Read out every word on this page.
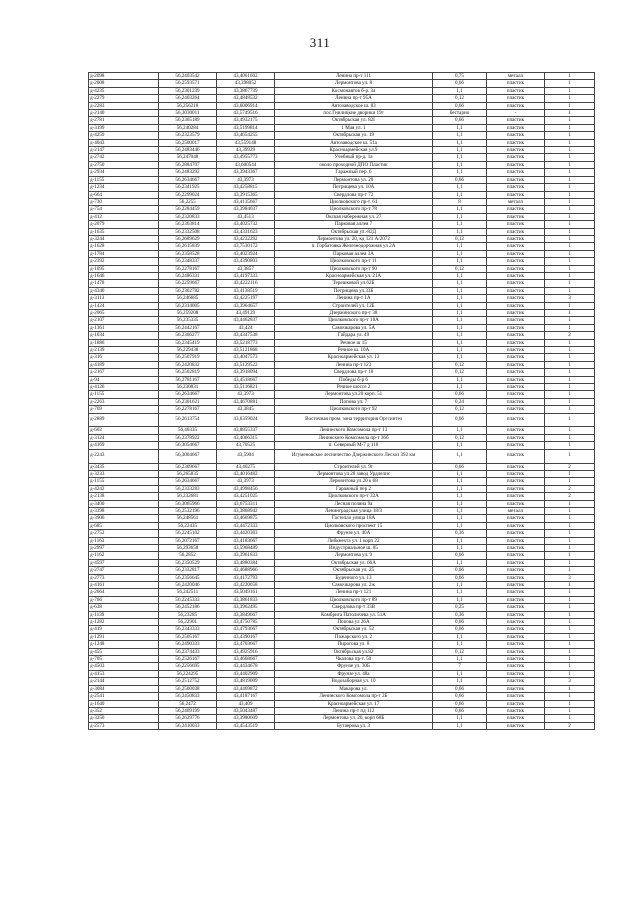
311
д-2098	56,2403542	43,4061602	Ленина пр-т 111	0,75	металл	1
д-2008	56,2593571	43,398052	Лермонтова ул. 8	0,66	пластик	1
д-4235	56,2301239	43,3867739	Космонавтов б-р. 3а	1,1	пластик	1
д-2279	56,2403264	43,4848532	Ленина пр-т 95А	0,12	пластик	1
д-2283	56,256218	43,6006914	Автозаводское ш. 83	0,66	пластик	1
д-2140	56,3030011	43,5749516	пос.Гнилицкие дворики 19г	бестарно	-	1
д-2781	56,2365189	43,4932175	Октябрьская ул. 82І	0,66	пластик	1
д-3199	56,240284	43,5199814	1 Мая ул. 1	1,1	пластик	1
д-4259	56,2323579	43,4654255	Октябрьская ул. 19	1,1	пластик	1
д-4043	56,2500017	43,559148	Автозаводское ш. 51а	1,1	пластик	1
д-2147	56,2483446	43,39929	Красноармейская ул.9	1,1	пластик	1
д-2742	56,247048	43,4955773	Учебный пр-д. 1а	1,1	пластик	1
д-2750	56,2884707	43,600544	около проходной ДПО Пластик	1,1	пластик	1
д-2934	56,2483292	43,3943367	Гаражный пер. 6	1,1	пластик	1
д-1155	56,2634667	43,3973	Лермонтова ул. 20	0,66	пластик	1
д-1234	56,2341925	43,4258815	Петрищева ул. 10А	1,1	пластик	1
д-664	56,2299024	43,3915365	Свердлова пр-т 72	1,1	пластик	1
д-730	56,2255	43,4135667	Циолковского пр-т. 61	8	металл	1
д-754	56,2284459	43,3984037	Циолковского пр-т 78	1,1	пластик	1
д-412	56,2320833	43,4513	Окская набережная ул. 27	1,1	пластик	1
д-2079	56,2363814	43,4025732	Парковая аллея 7	1,1	пластик	1
д-1635	56,2332508	43,4331623	Октябрьская ул.-82Д	1,1	пластик	1
д-3244	56,2689629	43,4232292	Лермонтова ул. 20, кд 121 А/2072	0,12	пластик	1
д-1628	56,2615839	43,7530172	п. Горбатовка Железнодорожная ул 2А	1,1	пластик	1
д-1784	56,2358528	43,4023924	Парковая аллея 3А	1,1	пластик	1
д-2392	56,2348337	43,4390803	Циолковского пр-т 11	1,1	пластик	1
д-1095	56,2278167	43,3857	Циолковского пр-т 90	0,12	пластик	1
д-1646	56,2486331	43,4197333	Красноармейская ул. 21А	1,1	пластик	1
д-1478	56,2259667	43,4222116	Терешковой ул.62Б	1,1	пластик	1
д-4340	56,2302782	43,4138519	Петрищева ул.33Б	1,1	пластик	1
д-3113	56,246685	43,4225197	Ленина пр-т 1А	1,1	пластик	3
д-1424	56,2314005	43,3964657	Строителей ул. 12Б	1,1	пластик	1
д-2065	56,259208	43,49129	Дзержинского пр-т 38	1,1	пластик	1
д-2107	56,235335	43,4462837	Циолковского пр-т 18А	1,1	пластик	1
д-1361	56,2442167	43,424	Самочкарова ул. 5А	1,1	пластик	1
д-1034	56,2366277	43,4347538	Гайдара ул. 49	1,1	пластик	2
д-1886	56,2345419	43,5218773	Речное ш 15	1,1	пластик	1
д-2139	56,229438	43,5121868	Речное ш. 10А	1,1	пластик	1
д-316	56,2507919	43,4047573	Красноармейская ул. 13	1,1	пластик	1
д-4189	56,2420832	43,5129522	Ленина пр-т 123	0,12	пластик	1
д-2167	56,2502819	43,3918094	Свердлова пр-т 18	0,12	пластик	1
д-94	56,2781167	43,4518667	Победы б-р 6	1,1	пластик	1
д-4126	56,230831	43,5116821	Речное шоссе 2	1,1	пластик	1
д-1155	56,2634667	43,3973	Лермонтова ул.20 корп. 51	0,66	пластик	1
д-2263	56,2301621	43,4670881	Попова ул. 7	0,24	пластик	1
д-769	56,2278167	43,3845	Циолковского пр-т 92	0,12	пластик	1
д-2889	56,2613754	43,6359024	Восточная пром. зона территория Оргсинтез	0,66	пластик	1
д-602	56,40335	43,8855337	Ленинского Комсомола пр-т 13	1,1	пластик	1
д-3124	56,2378922	43,4066315	Ленинского Комсомола пр-т 36б	0,12	пластик	1
д-4169	56,3054667	43,70525	п. Северный М-7 д 116	1,1	пластик	1
д-2243	56,3004667	43,5904	Игуменовское лесничество Дзержинского Лесхоз 392 км	1,1	пластик	1
д-3435	56,2309667	43,40275	Строителей ул. 9г	0,66	пластик	2
д-3233	56,265835	43,4016482	Лермонтова ул 20 завод Урдлелис	1,1	пластик	1
д-1155	56,2634667	43,3973	Лермонтова ул.20 к 68	1,1	пластик	1
д-4242	56,2333283	43,4998456	Гаражный пер 2	1,1	пластик	2
д-2138	56,232681	43,4251025	Циолковского пр-т 32А	1,1	пластик	2
д-3400	56,3065966	43,6753311	Лесная поляна 9а	1,1	пластик	1
д-3398	56,2532196	43,3868942	Ленинградская улица 18/3	1,1	металл	1
д-3906	56,248561	43,4669875	Гастелло улица 18А	1,1	пластик	1
д-685	56,22435	43,4472333	Циолковского проспект 15	1,1	пластик	1
д-2752	56,2245102	43,4420303	Фрунзе ул. 40А	0,36	пластик	1
д-1163	56,2072167	43,4183667	Либкнехта ул. 1 корп 22	1,1	пластик	1
д-2997	56,293658	43,5968489	Индустриальное ш. 85	1,1	пластик	1
д-1162	56,2852	43,3961833	Лермонтова ул. 9	0,66	пластик	1
д-4597	56,2350529	43,4880384	Октябрьская ул. 66А	1,1	пластик	1
д-2747	56,2332817	43,4688966	Октябрьская ул. 25	0,66	пластик	1
д-2773	56,2356645	43,4172793	Буденного ул. 13	0,66	пластик	3
д-4161	56,2420046	43,4220058	Самочкарова ул. 2ж	1,1	пластик	1
д-2664	56,242511	43,5049161	Ленина пр-т 121	1,1	пластик	1
д-766	56,2245333	43,3861833	Циолковского пр-т 89	1,1	пластик	1
д-638	56,2452186	43,3962495	Свердлова пр-т 33В	0,25	пластик	1
д-1139	56,23285	43,3849667	Комбрига Патоличева ул. 51А	0,36	пластик	1
д-1282	56,22901	43,4750785	Попова ул 26А	0,66	пластик	1
д-419	56,2343333	43,4793667	Октябрьская ул. 52	0,66	пластик	1
д-1291	56,2505167	43,4390167	Пожарского ул. 2	1,1	пластик	1
д-1248	56,2490333	43,4703667	Пирогова ул. 8	1,1	пластик	1
д-455	56,2374433	43,4925916	Октябрьская ул.82	0,12	пластик	1
д-705	56,2526167	43,4668667	Чкалова пр-т. 50	1,1	пластик	1
д-4503	56,2256695	43,4434678	Фрунзе ул. 30Б	7	пластик	1
д-4153	56,224295	43,4402909	Фрунзе ул. 48а	1,1	пластик	1
д-2144	56,2512752	43,4819009	Водозаборная ул. 10	1,1	пластик	3
д-3084	56,2500038	43,4469872	Макарова ул.	0,66	пластик	1
д-2541	56,2450833	43,4187167	Ленинского Комсомола пр-т 2Б	0,66	пластик	1
д-1640	56,2472	43,409	Красноармейская ул. 17	0,66	пластик	1
д-352	56,2409199	43,5043487	Ленина пр-т пд 112	0,66	пластик	1
д-3250	56,2629776	43,3980609	Лермонтова ул. 20, корп 68Б	1,1	пластик	1
д-2573	56,2410033	43,4543519	Бутаерова ул. 3	1,1	пластик	2
